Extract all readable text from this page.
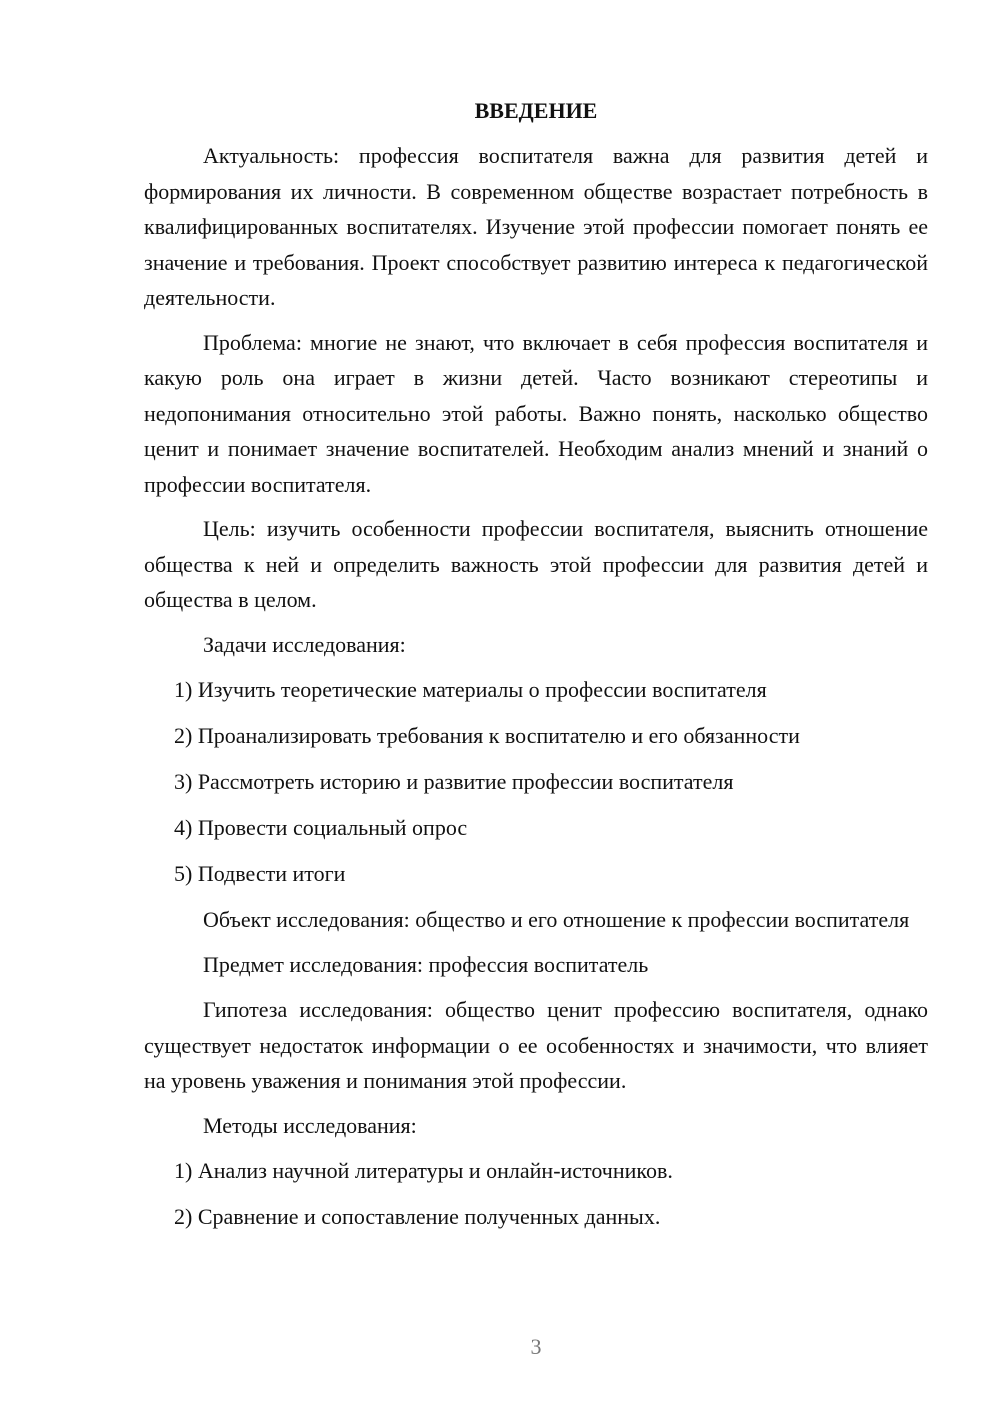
ВВЕДЕНИЕ

Актуальность: профессия воспитателя важна для развития детей и формирования их личности. В современном обществе возрастает потребность в квалифицированных воспитателях. Изучение этой профессии помогает понять ее значение и требования. Проект способствует развитию интереса к педагогической деятельности.

Проблема: многие не знают, что включает в себя профессия воспитателя и какую роль она играет в жизни детей. Часто возникают стереотипы и недопонимания относительно этой работы. Важно понять, насколько общество ценит и понимает значение воспитателей. Необходим анализ мнений и знаний о профессии воспитателя.

Цель: изучить особенности профессии воспитателя, выяснить отношение общества к ней и определить важность этой профессии для развития детей и общества в целом.

Задачи исследования:

1) Изучить теоретические материалы о профессии воспитателя

2) Проанализировать требования к воспитателю и его обязанности

3) Рассмотреть историю и развитие профессии воспитателя

4) Провести социальный опрос

5) Подвести итоги

Объект исследования: общество и его отношение к профессии воспитателя

Предмет исследования: профессия воспитатель

Гипотеза исследования: общество ценит профессию воспитателя, однако существует недостаток информации о ее особенностях и значимости, что влияет на уровень уважения и понимания этой профессии.

Методы исследования:

1) Анализ научной литературы и онлайн-источников.

2) Сравнение и сопоставление полученных данных.

3
